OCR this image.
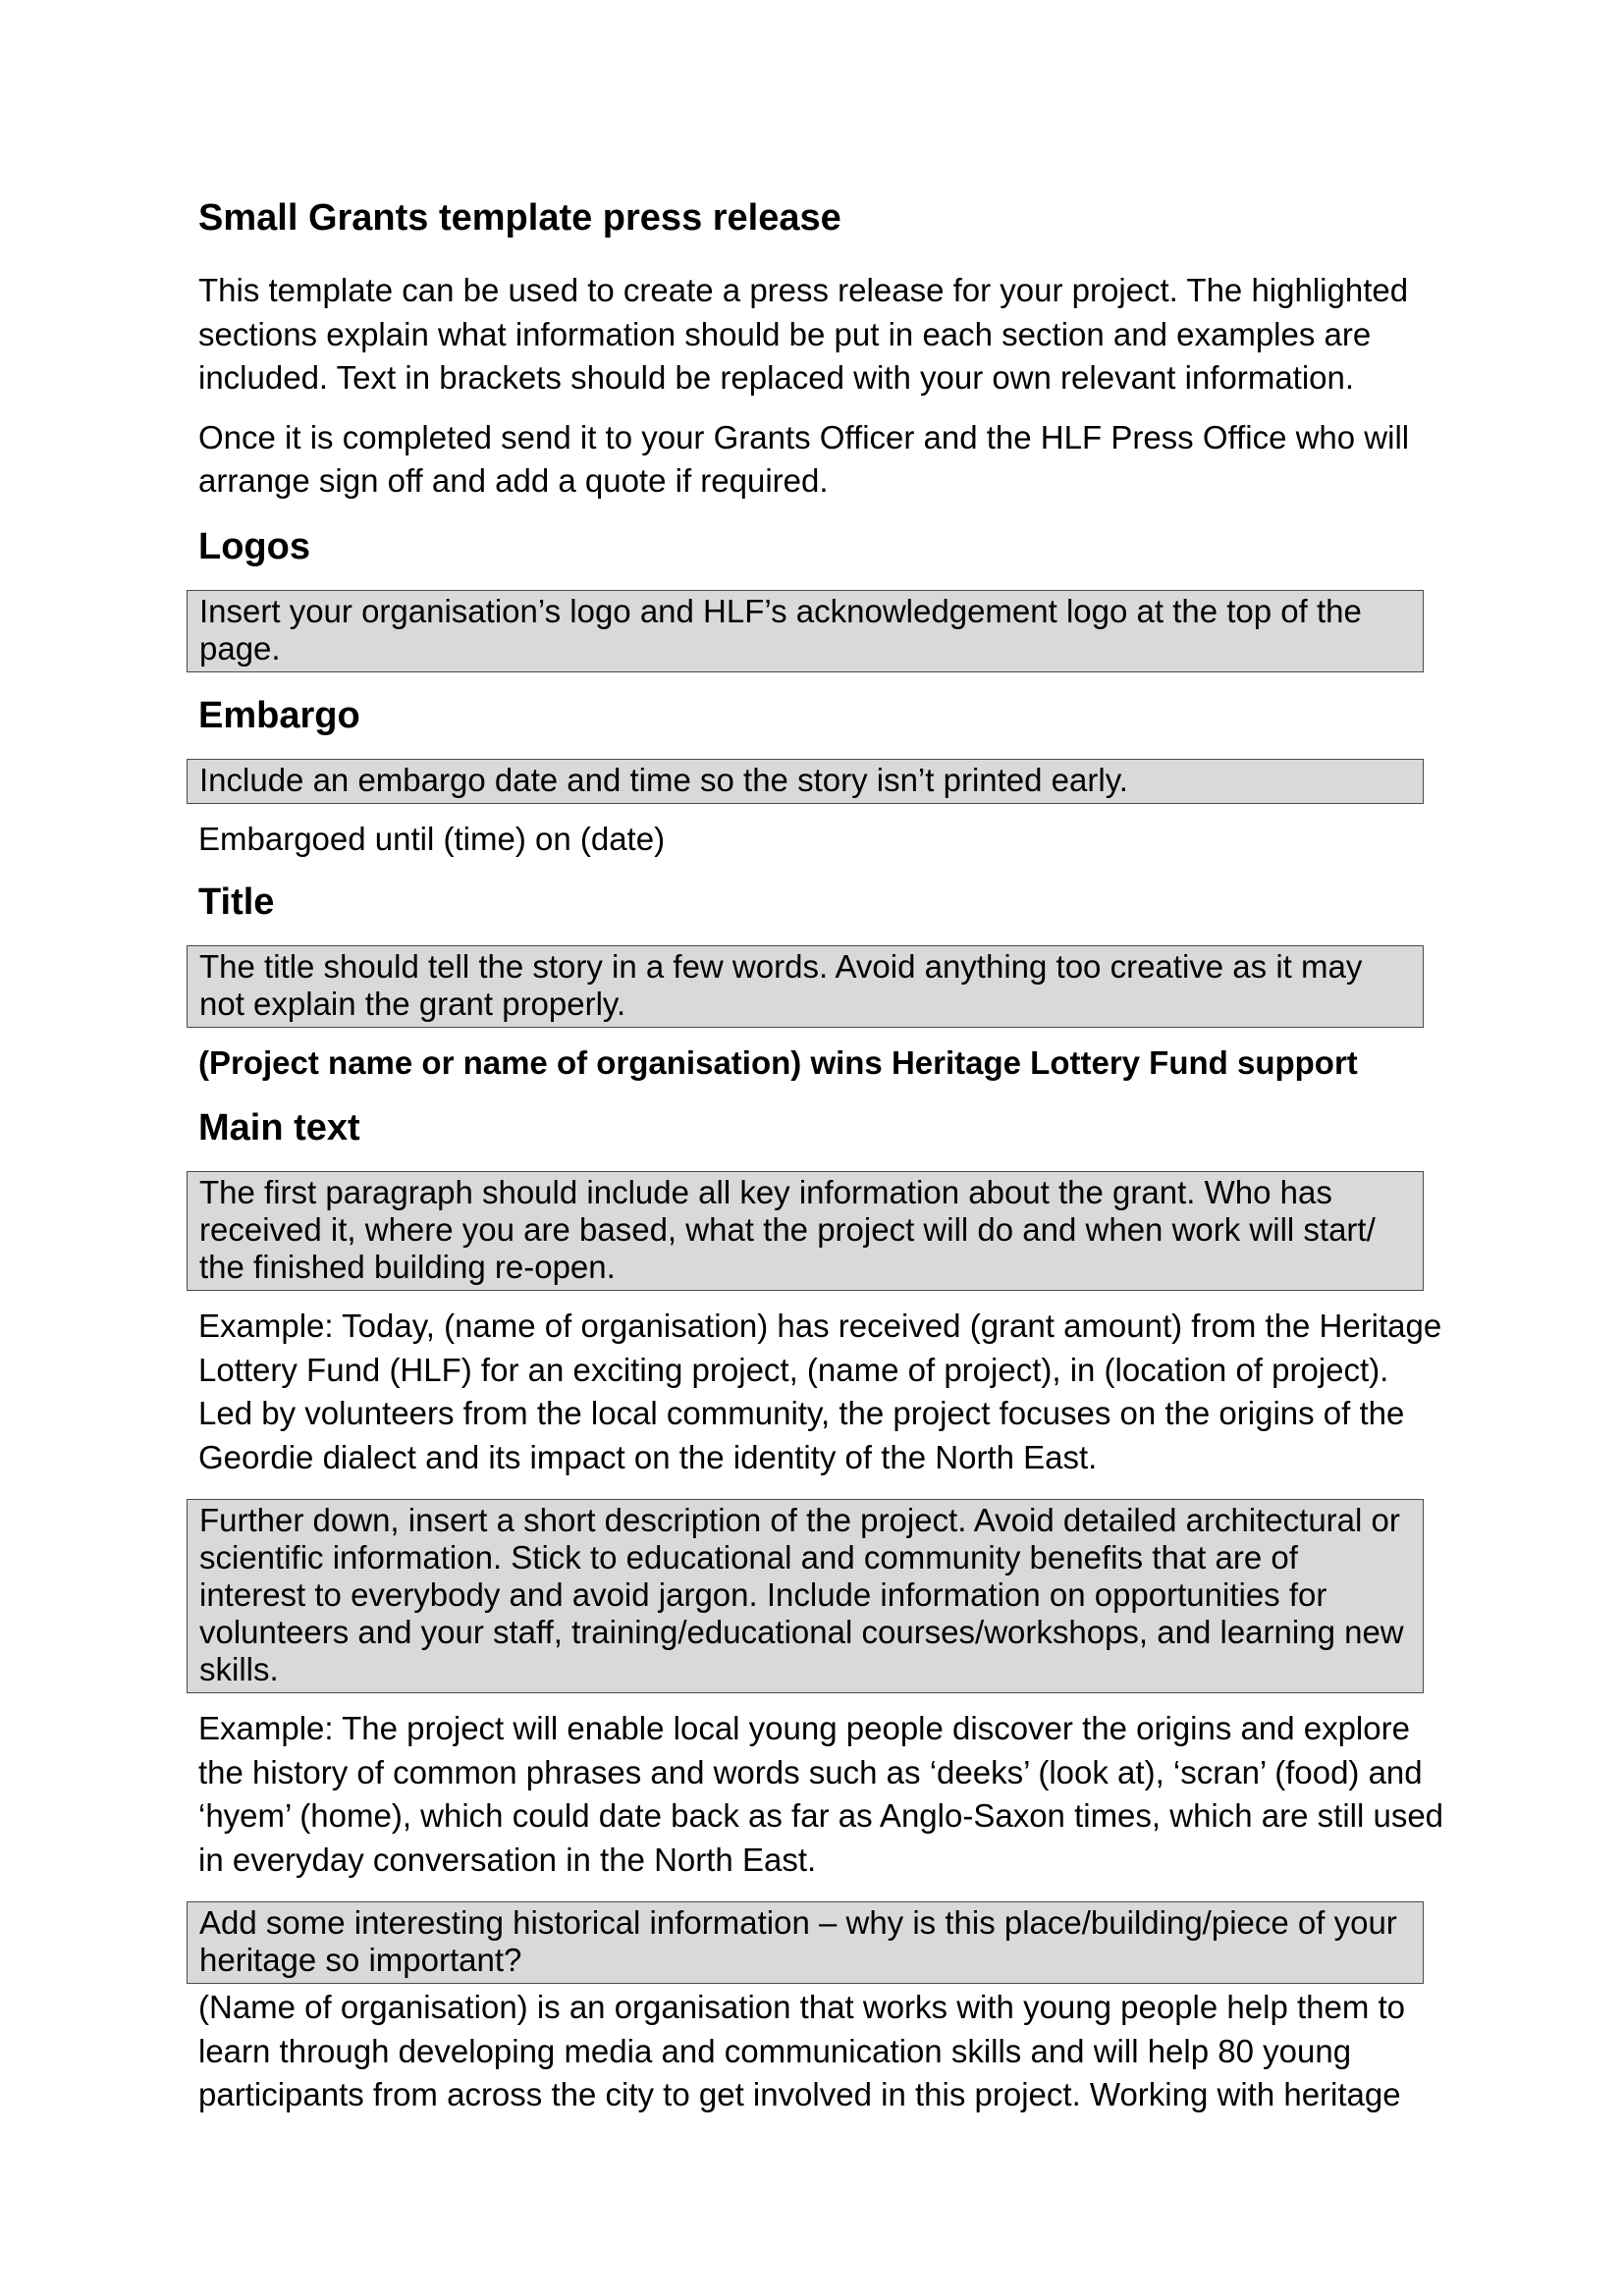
Small Grants template press release

This template can be used to create a press release for your project. The highlighted sections explain what information should be put in each section and examples are included. Text in brackets should be replaced with your own relevant information.

Once it is completed send it to your Grants Officer and the HLF Press Office who will arrange sign off and add a quote if required.

Logos
Insert your organisation’s logo and HLF’s acknowledgement logo at the top of the page.
Embargo
Include an embargo date and time so the story isn’t printed early.

Embargoed until (time) on (date)

Title
The title should tell the story in a few words. Avoid anything too creative as it may not explain the grant properly.
(Project name or name of organisation) wins Heritage Lottery Fund support
Main text
The first paragraph should include all key information about the grant. Who has received it, where you are based, what the project will do and when work will start/ the finished building re-open.

Example: Today, (name of organisation) has received (grant amount) from the Heritage Lottery Fund (HLF) for an exciting project, (name of project), in (location of project). Led by volunteers from the local community, the project focuses on the origins of the Geordie dialect and its impact on the identity of the North East.

Further down, insert a short description of the project. Avoid detailed architectural or scientific information. Stick to educational and community benefits that are of interest to everybody and avoid jargon. Include information on opportunities for volunteers and your staff, training/educational courses/workshops, and learning new skills.

Example: The project will enable local young people discover the origins and explore the history of common phrases and words such as ‘deeks’ (look at), ‘scran’ (food) and ‘hyem’ (home), which could date back as far as Anglo-Saxon times, which are still used in everyday conversation in the North East.

Add some interesting historical information – why is this place/building/piece of your heritage so important?

(Name of organisation) is an organisation that works with young people help them to learn through developing media and communication skills and will help 80 young participants from across the city to get involved in this project. Working with heritage
